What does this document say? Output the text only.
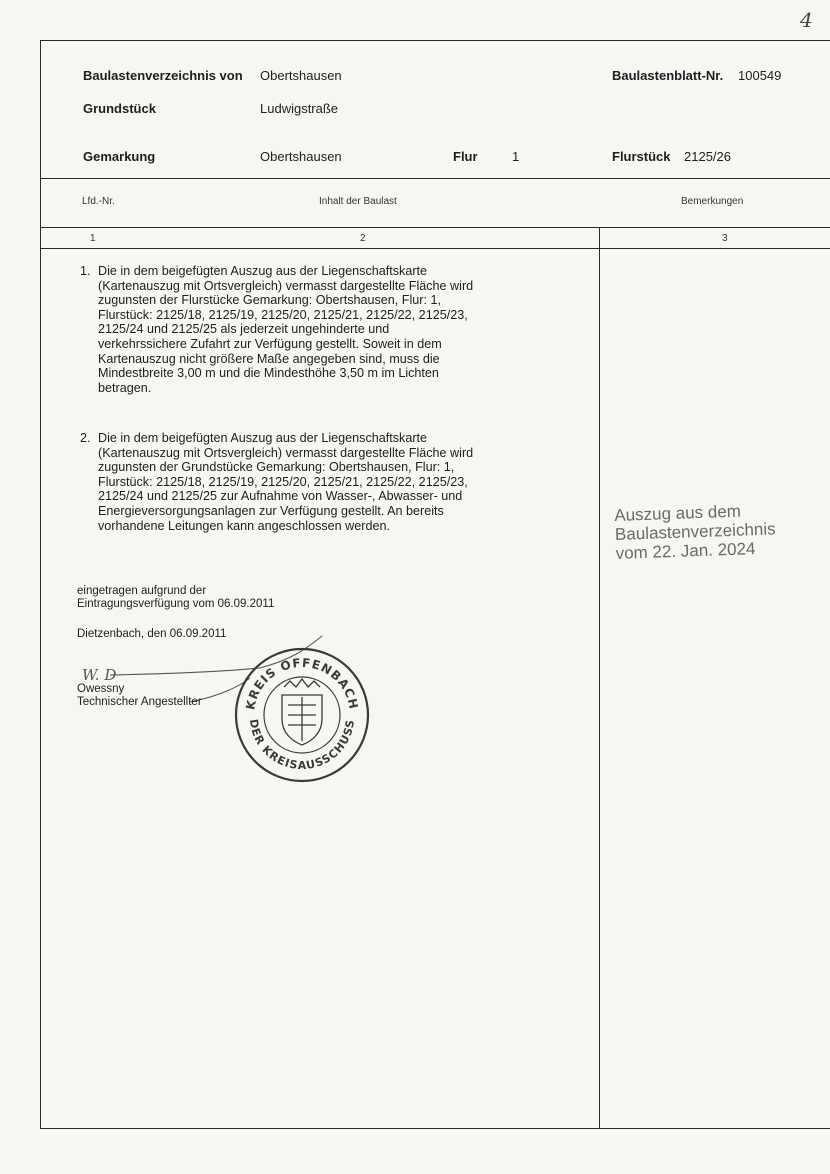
4
Baulastenverzeichnis von Obertshausen	Baulastenblatt-Nr. 100549
Grundstück	Ludwigstraße
Gemarkung	Obertshausen	Flur	1	Flurstück 2125/26
Lfd.-Nr.	Inhalt der Baulast	Bemerkungen
1	2	3
1. Die in dem beigefügten Auszug aus der Liegenschaftskarte
(Kartenauszug mit Ortsvergleich) vermasst dargestellte Fläche wird
zugunsten der Flurstücke Gemarkung: Obertshausen, Flur: 1,
Flurstück: 2125/18, 2125/19, 2125/20, 2125/21, 2125/22, 2125/23,
2125/24 und 2125/25 als jederzeit ungehinderte und
verkehrssichere Zufahrt zur Verfügung gestellt. Soweit in dem
Kartenauszug nicht größere Maße angegeben sind, muss die
Mindestbreite 3,00 m und die Mindesthöhe 3,50 m im Lichten
betragen.
2. Die in dem beigefügten Auszug aus der Liegenschaftskarte
(Kartenauszug mit Ortsvergleich) vermasst dargestellte Fläche wird
zugunsten der Grundstücke Gemarkung: Obertshausen, Flur: 1,
Flurstück: 2125/18, 2125/19, 2125/20, 2125/21, 2125/22, 2125/23,
2125/24 und 2125/25 zur Aufnahme von Wasser-, Abwasser- und
Energieversorgungsanlagen zur Verfügung gestellt. An bereits
vorhandene Leitungen kann angeschlossen werden.
eingetragen aufgrund der
Eintragungsverfügung vom 06.09.2011
Dietzenbach, den 06.09.2011
W. D
Owessny
Technischer Angestellter	KREIS OFFENBACH
DER KREISAUSSCHUSS
Auszug aus dem
Baulastenverzeichnis
vom 22. Jan. 2024
